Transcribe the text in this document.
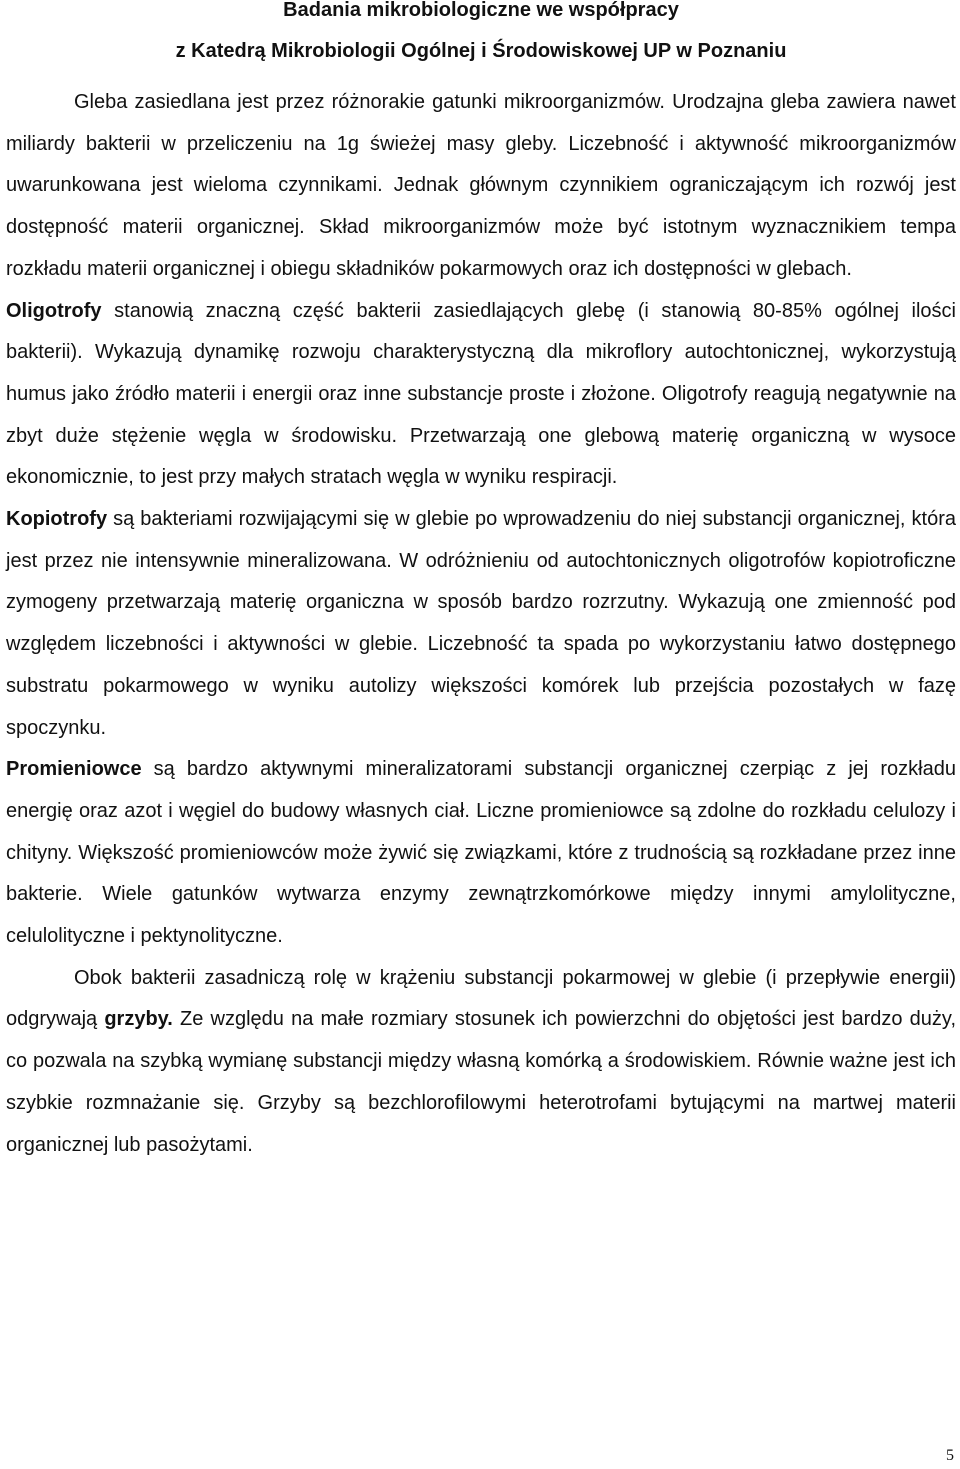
Badania mikrobiologiczne we współpracy

z Katedrą Mikrobiologii Ogólnej i Środowiskowej UP w Poznaniu

Gleba zasiedlana jest przez różnorakie gatunki mikroorganizmów. Urodzajna gleba zawiera nawet miliardy bakterii w przeliczeniu na 1g świeżej masy gleby. Liczebność i aktywność mikroorganizmów uwarunkowana jest wieloma czynnikami. Jednak głównym czynnikiem ograniczającym ich rozwój jest dostępność materii organicznej. Skład mikroorganizmów może być istotnym wyznacznikiem tempa rozkładu materii organicznej i obiegu składników pokarmowych oraz ich dostępności w glebach.

Oligotrofy stanowią znaczną część bakterii zasiedlających glebę (i stanowią 80-85% ogólnej ilości bakterii). Wykazują dynamikę rozwoju charakterystyczną dla mikroflory autochtonicznej, wykorzystują humus jako źródło materii i energii oraz inne substancje proste i złożone. Oligotrofy reagują negatywnie na zbyt duże stężenie węgla w środowisku. Przetwarzają one glebową materię organiczną w wysoce ekonomicznie, to jest przy małych stratach węgla w wyniku respiracji.

Kopiotrofy są bakteriami rozwijającymi się w glebie po wprowadzeniu do niej substancji organicznej, która jest przez nie intensywnie mineralizowana. W odróżnieniu od autochtonicznych oligotrofów kopiotroficzne zymogeny przetwarzają materię organiczna w sposób bardzo rozrzutny. Wykazują one zmienność pod względem liczebności i aktywności w glebie. Liczebność ta spada po wykorzystaniu łatwo dostępnego substratu pokarmowego w wyniku autolizy większości komórek lub przejścia pozostałych w fazę spoczynku.

Promieniowce są bardzo aktywnymi mineralizatorami substancji organicznej czerpiąc z jej rozkładu energię oraz azot i węgiel do budowy własnych ciał. Liczne promieniowce są zdolne do rozkładu celulozy i chityny. Większość promieniowców może żywić się związkami, które z trudnością są rozkładane przez inne bakterie. Wiele gatunków wytwarza enzymy zewnątrzkomórkowe między innymi amylolityczne, celulolityczne i pektynolityczne.

Obok bakterii zasadniczą rolę w krążeniu substancji pokarmowej w glebie (i przepływie energii) odgrywają grzyby. Ze względu na małe rozmiary stosunek ich powierzchni do objętości jest bardzo duży, co pozwala na szybką wymianę substancji między własną komórką a środowiskiem. Równie ważne jest ich szybkie rozmnażanie się. Grzyby są bezchlorofilowymi heterotrofami bytującymi na martwej materii organicznej lub pasożytami.

5
